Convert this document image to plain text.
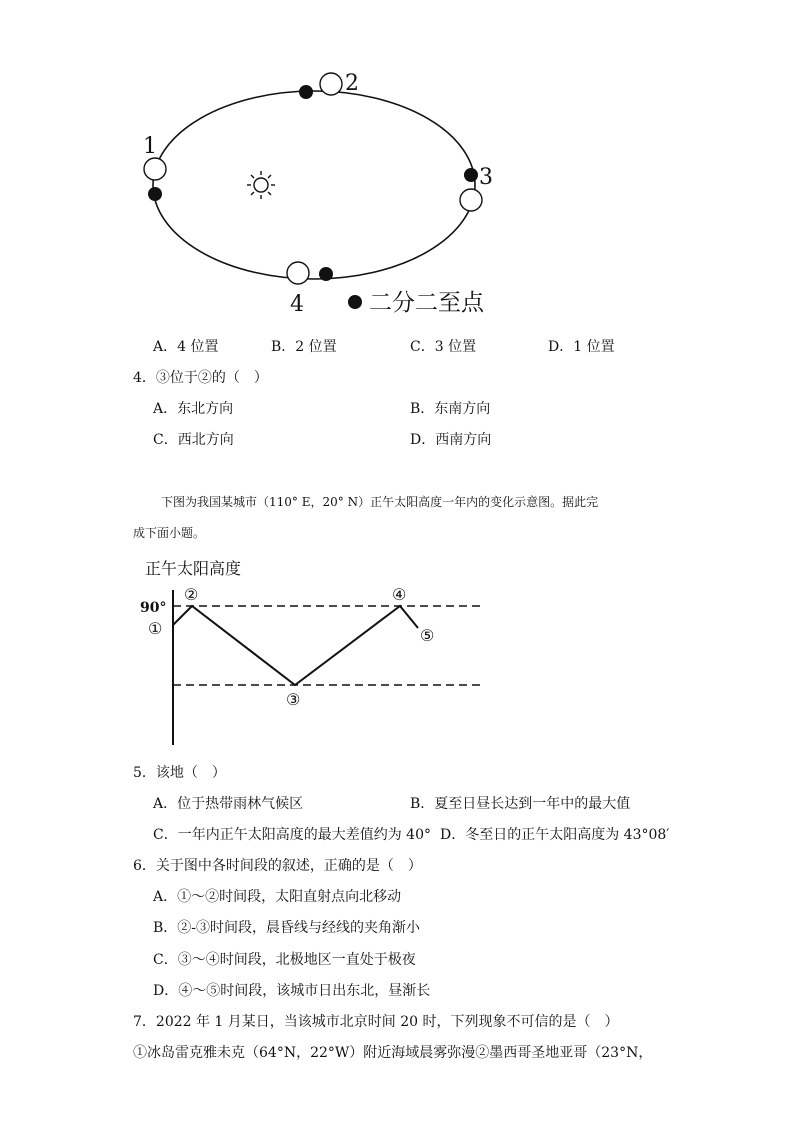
1
2
3
4	二分二至点
A．4 位置	B．2 位置	C．3 位置	D．1 位置
4．③位于②的（　）
A．东北方向	B．东南方向
C．西北方向	D．西南方向
下图为我国某城市（110° E，20° N）正午太阳高度一年内的变化示意图。据此完
成下面小题。
正午太阳高度
90°
①
②
③
④
⑤
5．该地（　）
A．位于热带雨林气候区	B．夏至日昼长达到一年中的最大值
C．一年内正午太阳高度的最大差值约为 40° D．冬至日的正午太阳高度为 43°08′
6．关于图中各时间段的叙述，正确的是（　）
A．①～②时间段，太阳直射点向北移动
B．②-③时间段，晨昏线与经线的夹角渐小
C．③～④时间段，北极地区一直处于极夜
D．④～⑤时间段，该城市日出东北，昼渐长
7．2022 年 1 月某日，当该城市北京时间 20 时，下列现象不可信的是（　）
①冰岛雷克雅未克（64°N，22°W）附近海域晨雾弥漫②墨西哥圣地亚哥（23°N，
